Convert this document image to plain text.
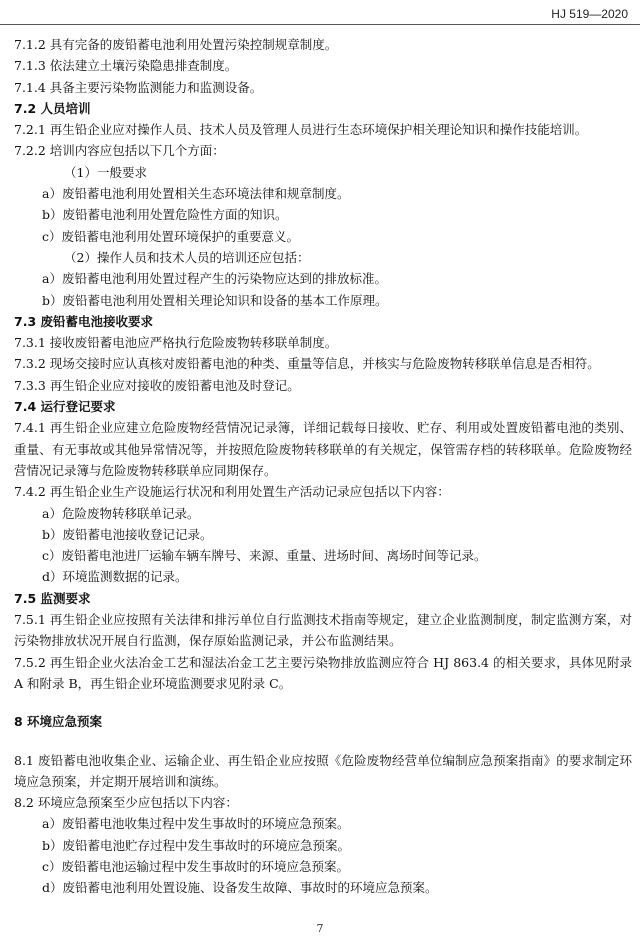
HJ 519—2020

7.1.2 具有完备的废铅蓄电池利用处置污染控制规章制度。

7.1.3 依法建立土壤污染隐患排查制度。

7.1.4 具备主要污染物监测能力和监测设备。

7.2 人员培训

7.2.1 再生铅企业应对操作人员、技术人员及管理人员进行生态环境保护相关理论知识和操作技能培训。

7.2.2 培训内容应包括以下几个方面：

（1）一般要求

a）废铅蓄电池利用处置相关生态环境法律和规章制度。

b）废铅蓄电池利用处置危险性方面的知识。

c）废铅蓄电池利用处置环境保护的重要意义。

（2）操作人员和技术人员的培训还应包括：

a）废铅蓄电池利用处置过程产生的污染物应达到的排放标准。

b）废铅蓄电池利用处置相关理论知识和设备的基本工作原理。

7.3 废铅蓄电池接收要求

7.3.1 接收废铅蓄电池应严格执行危险废物转移联单制度。

7.3.2 现场交接时应认真核对废铅蓄电池的种类、重量等信息，并核实与危险废物转移联单信息是否相符。

7.3.3 再生铅企业应对接收的废铅蓄电池及时登记。

7.4 运行登记要求

7.4.1 再生铅企业应建立危险废物经营情况记录簿，详细记载每日接收、贮存、利用或处置废铅蓄电池的类别、重量、有无事故或其他异常情况等，并按照危险废物转移联单的有关规定，保管需存档的转移联单。危险废物经营情况记录簿与危险废物转移联单应同期保存。

7.4.2 再生铅企业生产设施运行状况和利用处置生产活动记录应包括以下内容：

a）危险废物转移联单记录。

b）废铅蓄电池接收登记记录。

c）废铅蓄电池进厂运输车辆车牌号、来源、重量、进场时间、离场时间等记录。

d）环境监测数据的记录。

7.5 监测要求

7.5.1 再生铅企业应按照有关法律和排污单位自行监测技术指南等规定，建立企业监测制度，制定监测方案，对污染物排放状况开展自行监测，保存原始监测记录，并公布监测结果。

7.5.2 再生铅企业火法冶金工艺和湿法冶金工艺主要污染物排放监测应符合 HJ 863.4 的相关要求，具体见附录 A 和附录 B，再生铅企业环境监测要求见附录 C。

8 环境应急预案

8.1 废铅蓄电池收集企业、运输企业、再生铅企业应按照《危险废物经营单位编制应急预案指南》的要求制定环境应急预案，并定期开展培训和演练。

8.2 环境应急预案至少应包括以下内容：

a）废铅蓄电池收集过程中发生事故时的环境应急预案。

b）废铅蓄电池贮存过程中发生事故时的环境应急预案。

c）废铅蓄电池运输过程中发生事故时的环境应急预案。

d）废铅蓄电池利用处置设施、设备发生故障、事故时的环境应急预案。

7
